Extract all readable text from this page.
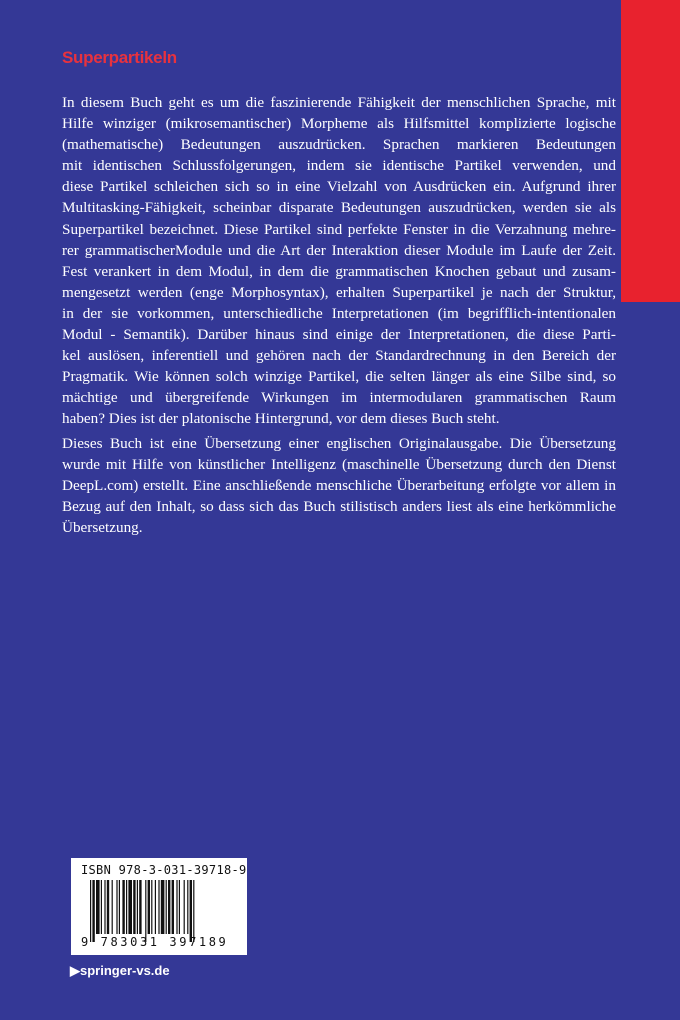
Superpartikeln
In diesem Buch geht es um die faszinierende Fähigkeit der menschlichen Sprache, mit
Hilfe winziger (mikrosemantischer) Morpheme als Hilfsmittel komplizierte logische
(mathematische) Bedeutungen auszudrücken. Sprachen markieren Bedeutungen
mit identischen Schlussfolgerungen, indem sie identische Partikel verwenden, und
diese Partikel schleichen sich so in eine Vielzahl von Ausdrücken ein. Aufgrund ihrer
Multitasking-Fähigkeit, scheinbar disparate Bedeutungen auszudrücken, werden sie als
Superpartikel bezeichnet. Diese Partikel sind perfekte Fenster in die Verzahnung mehre-
rer grammatischerModule und die Art der Interaktion dieser Module im Laufe der Zeit.
Fest verankert in dem Modul, in dem die grammatischen Knochen gebaut und zusam-
mengesetzt werden (enge Morphosyntax), erhalten Superpartikel je nach der Struktur,
in der sie vorkommen, unterschiedliche Interpretationen (im begrifflich-intentionalen
Modul - Semantik). Darüber hinaus sind einige der Interpretationen, die diese Parti-
kel auslösen, inferentiell und gehören nach der Standardrechnung in den Bereich der
Pragmatik. Wie können solch winzige Partikel, die selten länger als eine Silbe sind, so
mächtige und übergreifende Wirkungen im intermodularen grammatischen Raum
haben? Dies ist der platonische Hintergrund, vor dem dieses Buch steht.
Dieses Buch ist eine Übersetzung einer englischen Originalausgabe. Die Übersetzung
wurde mit Hilfe von künstlicher Intelligenz (maschinelle Übersetzung durch den Dienst
DeepL.com) erstellt. Eine anschließende menschliche Überarbeitung erfolgte vor allem in
Bezug auf den Inhalt, so dass sich das Buch stilistisch anders liest als eine herkömmliche
Übersetzung.
ISBN 978-3-031-39718-9
9 783031 397189
▶springer-vs.de
